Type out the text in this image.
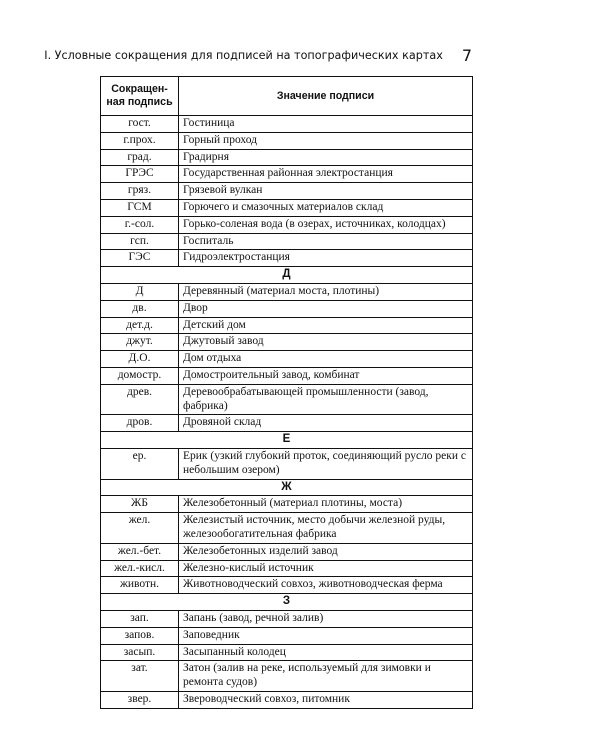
I. Условные сокращения для подписей на топографических картах 7
Сокращен-ная подпись	Значение подписи
гост.	Гостиница
г.прох.	Горный проход
град.	Градирня
ГРЭС	Государственная районная электростанция
гряз.	Грязевой вулкан
ГСМ	Горючего и смазочных материалов склад
г.-сол.	Горько-соленая вода (в озерах, источниках, колодцах)
гсп.	Госпиталь
ГЭС	Гидроэлектростанция
Д	
Д	Деревянный (материал моста, плотины)
дв.	Двор
дет.д.	Детский дом
джут.	Джутовый завод
Д.О.	Дом отдыха
домостр.	Домостроительный завод, комбинат
древ.	Деревообрабатывающей промышленности (завод, фабрика)
дров.	Дровяной склад
Е	
ер.	Ерик (узкий глубокий проток, соединяющий русло реки с небольшим озером)
Ж	
ЖБ	Железобетонный (материал плотины, моста)
жел.	Железистый источник, место добычи железной руды, железообогатительная фабрика
жел.-бет.	Железобетонных изделий завод
жел.-кисл.	Железно-кислый источник
животн.	Животноводческий совхоз, животноводческая ферма
З	
зап.	Запань (завод, речной залив)
запов.	Заповедник
засып.	Засыпанный колодец
зат.	Затон (залив на реке, используемый для зимовки и ремонта судов)
звер.	Звероводческий совхоз, питомник
